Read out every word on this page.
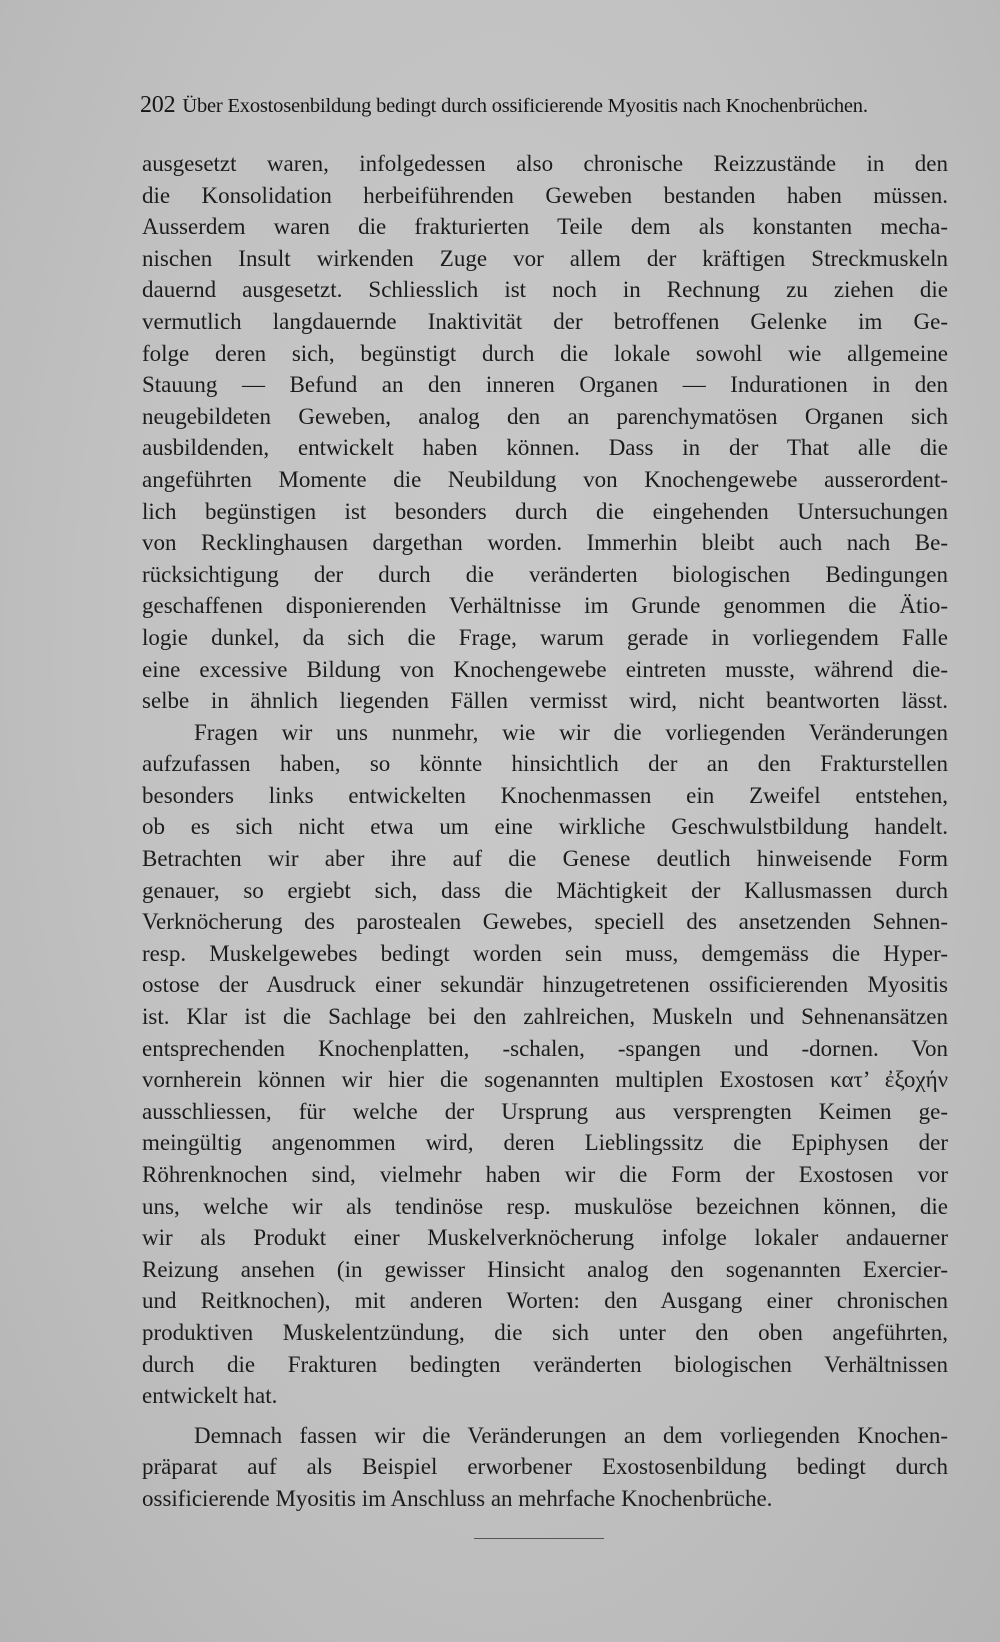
202 Über Exostosenbildung bedingt durch ossificierende Myositis nach Knochenbrüchen.
ausgesetzt waren, infolgedessen also chronische Reizzustände in den
die Konsolidation herbeiführenden Geweben bestanden haben müssen.
Ausserdem waren die frakturierten Teile dem als konstanten mecha-
nischen Insult wirkenden Zuge vor allem der kräftigen Streckmuskeln
dauernd ausgesetzt. Schliesslich ist noch in Rechnung zu ziehen die
vermutlich langdauernde Inaktivität der betroffenen Gelenke im Ge-
folge deren sich, begünstigt durch die lokale sowohl wie allgemeine
Stauung — Befund an den inneren Organen — Indurationen in den
neugebildeten Geweben, analog den an parenchymatösen Organen sich
ausbildenden, entwickelt haben können. Dass in der That alle die
angeführten Momente die Neubildung von Knochengewebe ausserordent-
lich begünstigen ist besonders durch die eingehenden Untersuchungen
von Recklinghausen dargethan worden. Immerhin bleibt auch nach Be-
rücksichtigung der durch die veränderten biologischen Bedingungen
geschaffenen disponierenden Verhältnisse im Grunde genommen die Ätio-
logie dunkel, da sich die Frage, warum gerade in vorliegendem Falle
eine excessive Bildung von Knochengewebe eintreten musste, während die-
selbe in ähnlich liegenden Fällen vermisst wird, nicht beantworten lässt.
Fragen wir uns nunmehr, wie wir die vorliegenden Veränderungen
aufzufassen haben, so könnte hinsichtlich der an den Frakturstellen
besonders links entwickelten Knochenmassen ein Zweifel entstehen,
ob es sich nicht etwa um eine wirkliche Geschwulstbildung handelt.
Betrachten wir aber ihre auf die Genese deutlich hinweisende Form
genauer, so ergiebt sich, dass die Mächtigkeit der Kallusmassen durch
Verknöcherung des parostealen Gewebes, speciell des ansetzenden Sehnen-
resp. Muskelgewebes bedingt worden sein muss, demgemäss die Hyper-
ostose der Ausdruck einer sekundär hinzugetretenen ossificierenden Myositis
ist. Klar ist die Sachlage bei den zahlreichen, Muskeln und Sehnenansätzen
entsprechenden Knochenplatten, -schalen, -spangen und -dornen. Von
vornherein können wir hier die sogenannten multiplen Exostosen κατ’ ἐξοχήν
ausschliessen, für welche der Ursprung aus versprengten Keimen ge-
meingültig angenommen wird, deren Lieblingssitz die Epiphysen der
Röhrenknochen sind, vielmehr haben wir die Form der Exostosen vor
uns, welche wir als tendinöse resp. muskulöse bezeichnen können, die
wir als Produkt einer Muskelverknöcherung infolge lokaler andauerner
Reizung ansehen (in gewisser Hinsicht analog den sogenannten Exercier-
und Reitknochen), mit anderen Worten: den Ausgang einer chronischen
produktiven Muskelentzündung, die sich unter den oben angeführten,
durch die Frakturen bedingten veränderten biologischen Verhältnissen
entwickelt hat.
Demnach fassen wir die Veränderungen an dem vorliegenden Knochen-
präparat auf als Beispiel erworbener Exostosenbildung bedingt durch
ossificierende Myositis im Anschluss an mehrfache Knochenbrüche.
